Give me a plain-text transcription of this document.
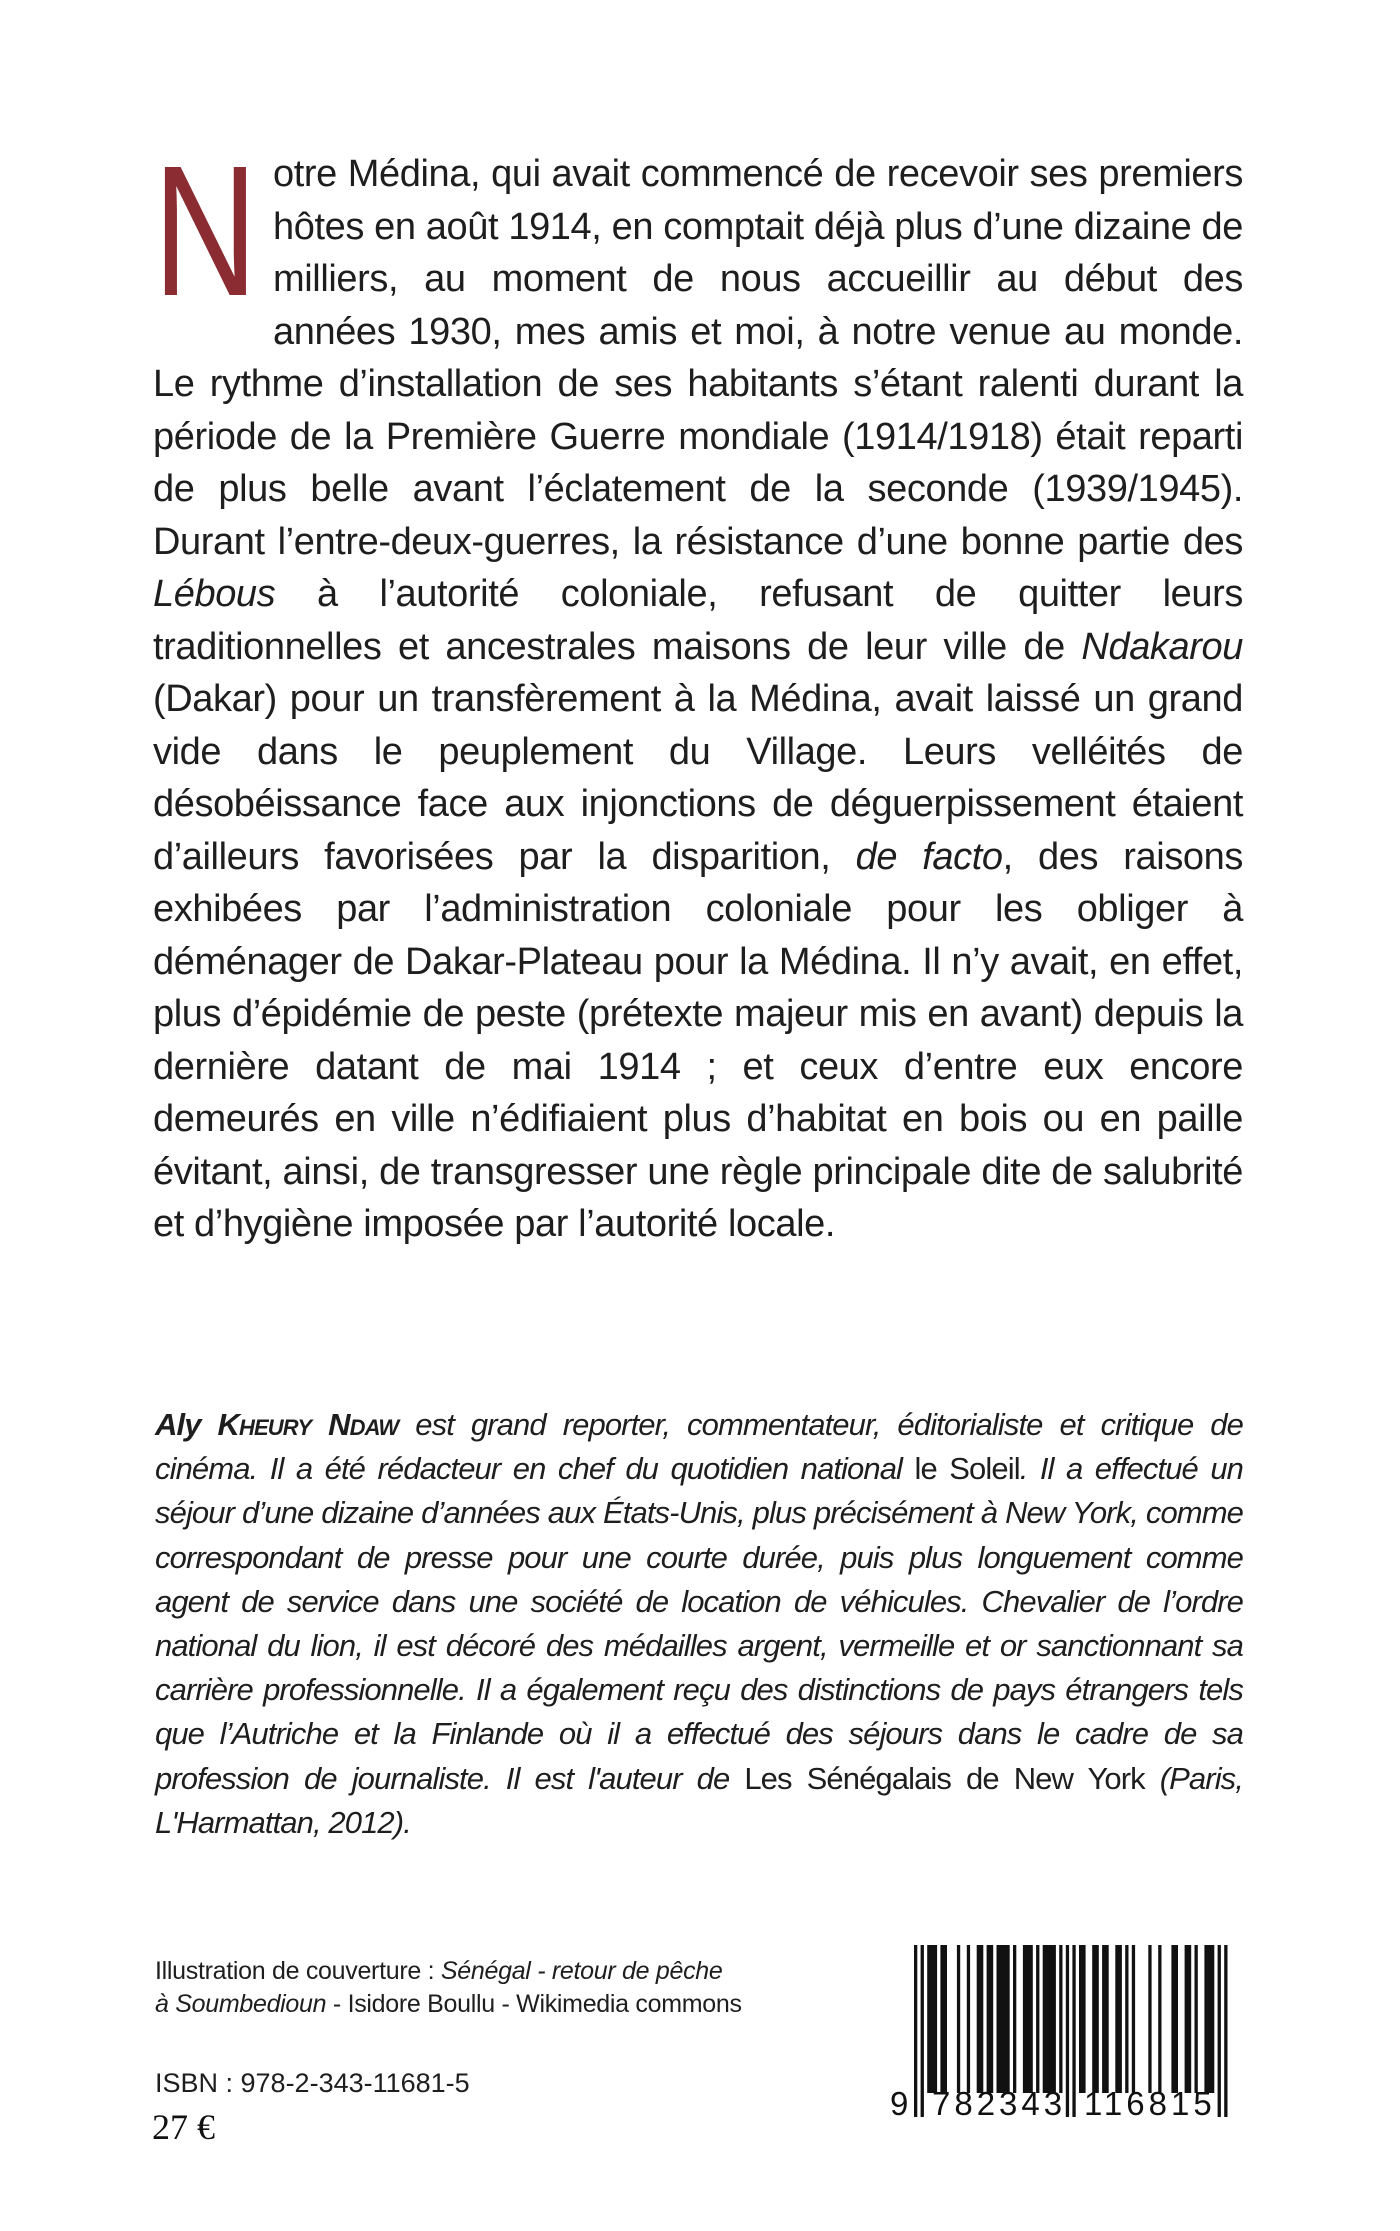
Notre Médina, qui avait commencé de recevoir ses premiers hôtes en août 1914, en comptait déjà plus d’une dizaine de milliers, au moment de nous accueillir au début des années 1930, mes amis et moi, à notre venue au monde. Le rythme d’installation de ses habitants s’étant ralenti durant la période de la Première Guerre mondiale (1914/1918) était reparti de plus belle avant l’éclatement de la seconde (1939/1945). Durant l’entre-deux-guerres, la résistance d’une bonne partie des Lébous à l’autorité coloniale, refusant de quitter leurs traditionnelles et ancestrales maisons de leur ville de Ndakarou (Dakar) pour un transfèrement à la Médina, avait laissé un grand vide dans le peuplement du Village. Leurs velléités de désobéissance face aux injonctions de déguerpissement étaient d’ailleurs favorisées par la disparition, de facto, des raisons exhibées par l’administration coloniale pour les obliger à déménager de Dakar-Plateau pour la Médina. Il n’y avait, en effet, plus d’épidémie de peste (prétexte majeur mis en avant) depuis la dernière datant de mai 1914 ; et ceux d’entre eux encore demeurés en ville n’édifiaient plus d’habitat en bois ou en paille évitant, ainsi, de transgresser une règle principale dite de salubrité et d’hygiène imposée par l’autorité locale.
Aly Kheury Ndaw est grand reporter, commentateur, éditorialiste et critique de cinéma. Il a été rédacteur en chef du quotidien national le Soleil. Il a effectué un séjour d’une dizaine d’années aux États-Unis, plus précisément à New York, comme correspondant de presse pour une courte durée, puis plus longuement comme agent de service dans une société de location de véhicules. Chevalier de l’ordre national du lion, il est décoré des médailles argent, vermeille et or sanctionnant sa carrière professionnelle. Il a également reçu des distinctions de pays étrangers tels que l’Autriche et la Finlande où il a effectué des séjours dans le cadre de sa profession de journaliste. Il est l'auteur de Les Sénégalais de New York (Paris, L'Harmattan, 2012).
Illustration de couverture : Sénégal - retour de pêche
à Soumbedioun - Isidore Boullu - Wikimedia commons
ISBN : 978-2-343-11681-5
27 €
9 782343 116815
